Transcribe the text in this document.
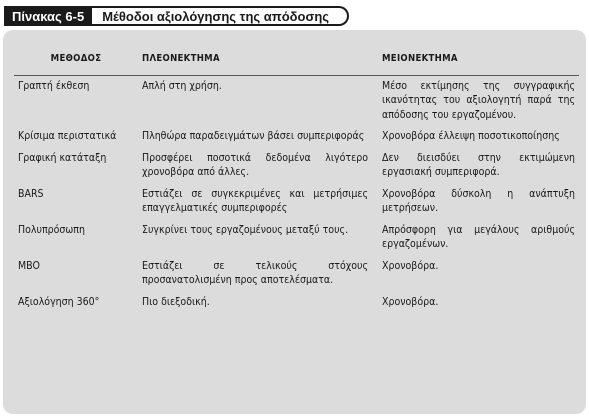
Πίνακας 6-5	Μέθοδοι αξιολόγησης της απόδοσης
ΜΕΘΟΔΟΣ	ΠΛΕΟΝΕΚΤΗΜΑ	ΜΕΙΟΝΕΚΤΗΜΑ
Γραπτή έκθεση	Απλή στη χρήση.	Μέσο εκτίμησης της συγγραφικής ικανότητας του αξιολογητή παρά της απόδοσης του εργαζομένου.
Κρίσιμα περιστατικά	Πληθώρα παραδειγμάτων βάσει συμπεριφοράς	Χρονοβόρα έλλειψη ποσοτικοποίησης
Γραφική κατάταξη	Προσφέρει ποσοτικά δεδομένα λιγότερο χρονοβόρα από άλλες.	Δεν διεισδύει στην εκτιμώμενη εργασιακή συμπεριφορά.
BARS	Εστιάζει σε συγκεκριμένες και μετρήσιμες επαγγελματικές συμπεριφορές	Χρονοβόρα δύσκολη η ανάπτυξη μετρήσεων.
Πολυπρόσωπη	Συγκρίνει τους εργαζομένους μεταξύ τους.	Απρόσφορη για μεγάλους αριθμούς εργαζομένων.
MBO	Εστιάζει σε τελικούς στόχους προσανατολισμένη προς αποτελέσματα.	Χρονοβόρα.
Αξιολόγηση 360°	Πιο διεξοδική.	Χρονοβόρα.
